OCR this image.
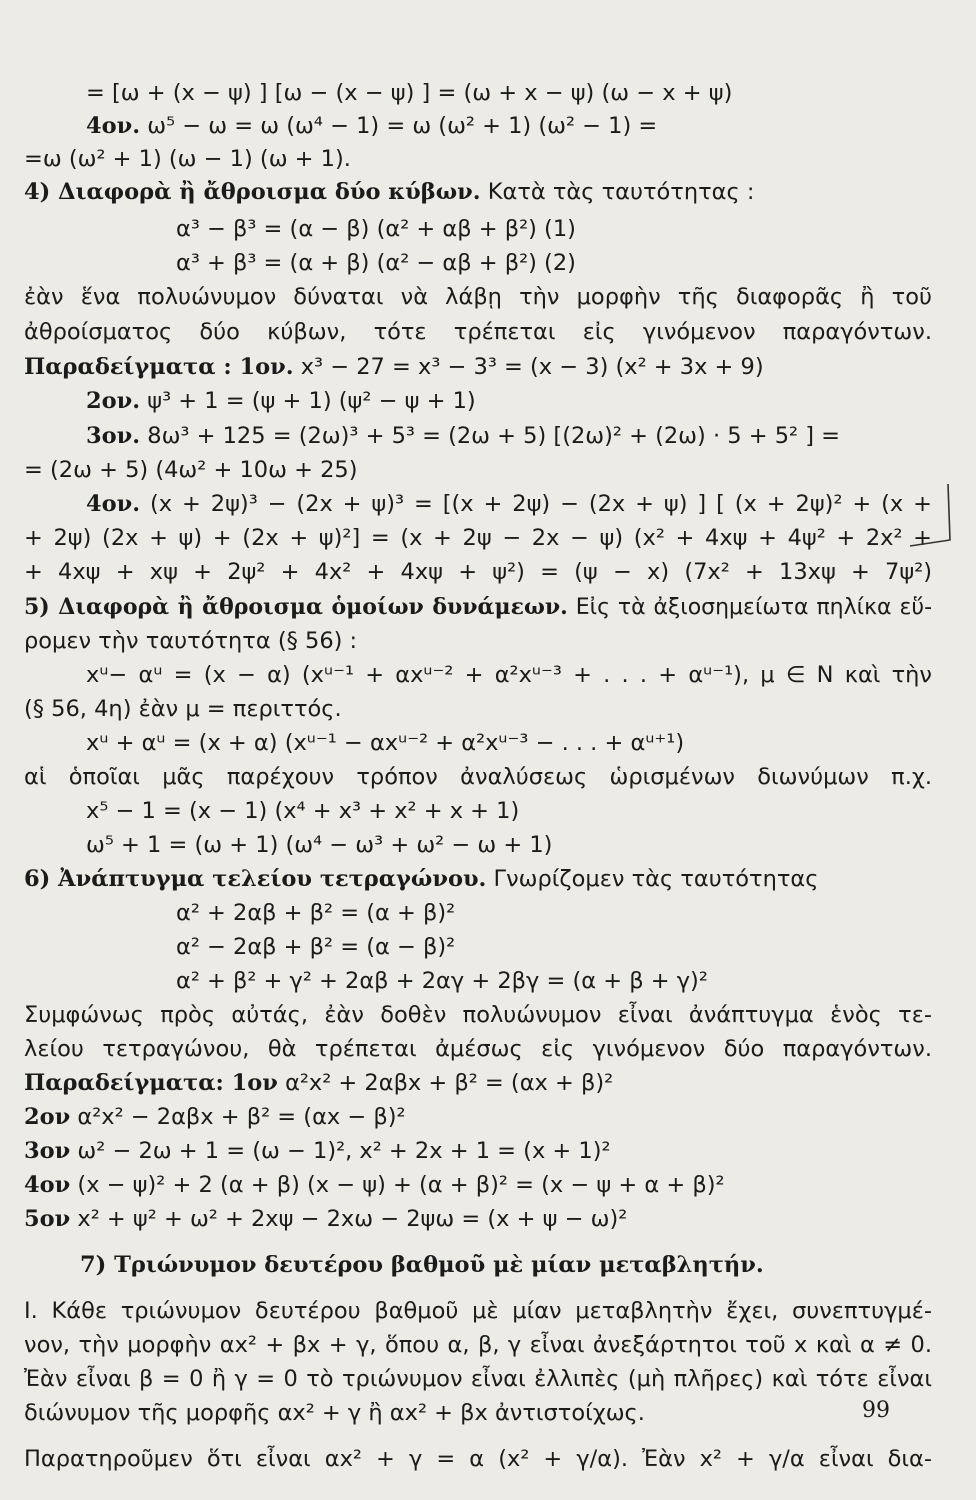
= [ω + (x − ψ) ] [ω − (x − ψ) ] = (ω + x − ψ) (ω − x + ψ)
4ον. ω⁵ − ω = ω (ω⁴ − 1) = ω (ω² + 1) (ω² − 1) =
=ω (ω² + 1) (ω − 1) (ω + 1).
4) Διαφορὰ ἢ ἄθροισμα δύο κύβων. Κατὰ τὰς ταυτότητας :
α³ − β³ = (α − β) (α² + αβ + β²) (1)
α³ + β³ = (α + β) (α² − αβ + β²) (2)
ἐὰν ἕνα πολυώνυμον δύναται νὰ λάβῃ τὴν μορφὴν τῆς διαφορᾶς ἢ τοῦ
ἀθροίσματος δύο κύβων, τότε τρέπεται εἰς γινόμενον παραγόντων.
Παραδείγματα : 1ον. x³ − 27 = x³ − 3³ = (x − 3) (x² + 3x + 9)
2ον. ψ³ + 1 = (ψ + 1) (ψ² − ψ + 1)
3ον. 8ω³ + 125 = (2ω)³ + 5³ = (2ω + 5) [(2ω)² + (2ω) · 5 + 5² ] =
= (2ω + 5) (4ω² + 10ω + 25)
4ον. (x + 2ψ)³ − (2x + ψ)³ = [(x + 2ψ) − (2x + ψ) ] [ (x + 2ψ)² + (x +
+ 2ψ) (2x + ψ) + (2x + ψ)²] = (x + 2ψ − 2x − ψ) (x² + 4xψ + 4ψ² + 2x² +
+ 4xψ + xψ + 2ψ² + 4x² + 4xψ + ψ²) = (ψ − x) (7x² + 13xψ + 7ψ²)
5) Διαφορὰ ἢ ἄθροισμα ὁμοίων δυνάμεων. Εἰς τὰ ἀξιοσημείωτα πηλίκα εὕ-
ρομεν τὴν ταυτότητα (§ 56) :
xᵘ− αᵘ = (x − α) (xᵘ⁻¹ + αxᵘ⁻² + α²xᵘ⁻³ + . . . + αᵘ⁻¹), μ ∈ N καὶ τὴν
(§ 56, 4η) ἐὰν μ = περιττός.
xᵘ + αᵘ = (x + α) (xᵘ⁻¹ − αxᵘ⁻² + α²xᵘ⁻³ − . . . + αᵘ⁺¹)
αἱ ὁποῖαι μᾶς παρέχουν τρόπον ἀναλύσεως ὡρισμένων διωνύμων π.χ.
x⁵ − 1 = (x − 1) (x⁴ + x³ + x² + x + 1)
ω⁵ + 1 = (ω + 1) (ω⁴ − ω³ + ω² − ω + 1)
6) Ἀνάπτυγμα τελείου τετραγώνου. Γνωρίζομεν τὰς ταυτότητας
α² + 2αβ + β² = (α + β)²
α² − 2αβ + β² = (α − β)²
α² + β² + γ² + 2αβ + 2αγ + 2βγ = (α + β + γ)²
Συμφώνως πρὸς αὐτάς, ἐὰν δοθὲν πολυώνυμον εἶναι ἀνάπτυγμα ἑνὸς τε-
λείου τετραγώνου, θὰ τρέπεται ἀμέσως εἰς γινόμενον δύο παραγόντων.
Παραδείγματα: 1ον α²x² + 2αβx + β² = (αx + β)²
2ον α²x² − 2αβx + β² = (αx − β)²
3ον ω² − 2ω + 1 = (ω − 1)², x² + 2x + 1 = (x + 1)²
4ον (x − ψ)² + 2 (α + β) (x − ψ) + (α + β)² = (x − ψ + α + β)²
5ον x² + ψ² + ω² + 2xψ − 2xω − 2ψω = (x + ψ − ω)²
7) Τριώνυμον δευτέρου βαθμοῦ μὲ μίαν μεταβλητήν.
I. Κάθε τριώνυμον δευτέρου βαθμοῦ μὲ μίαν μεταβλητὴν ἔχει, συνεπτυγμέ-
νον, τὴν μορφὴν αx² + βx + γ, ὅπου α, β, γ εἶναι ἀνεξάρτητοι τοῦ x καὶ α ≠ 0.
Ἐὰν εἶναι β = 0 ἢ γ = 0 τὸ τριώνυμον εἶναι ἐλλιπὲς (μὴ πλῆρες) καὶ τότε εἶναι
διώνυμον τῆς μορφῆς αx² + γ ἢ αx² + βx ἀντιστοίχως.
Παρατηροῦμεν ὅτι εἶναι αx² + γ = α (x² + γ/α). Ἐὰν x² + γ/α εἶναι δια-
99
